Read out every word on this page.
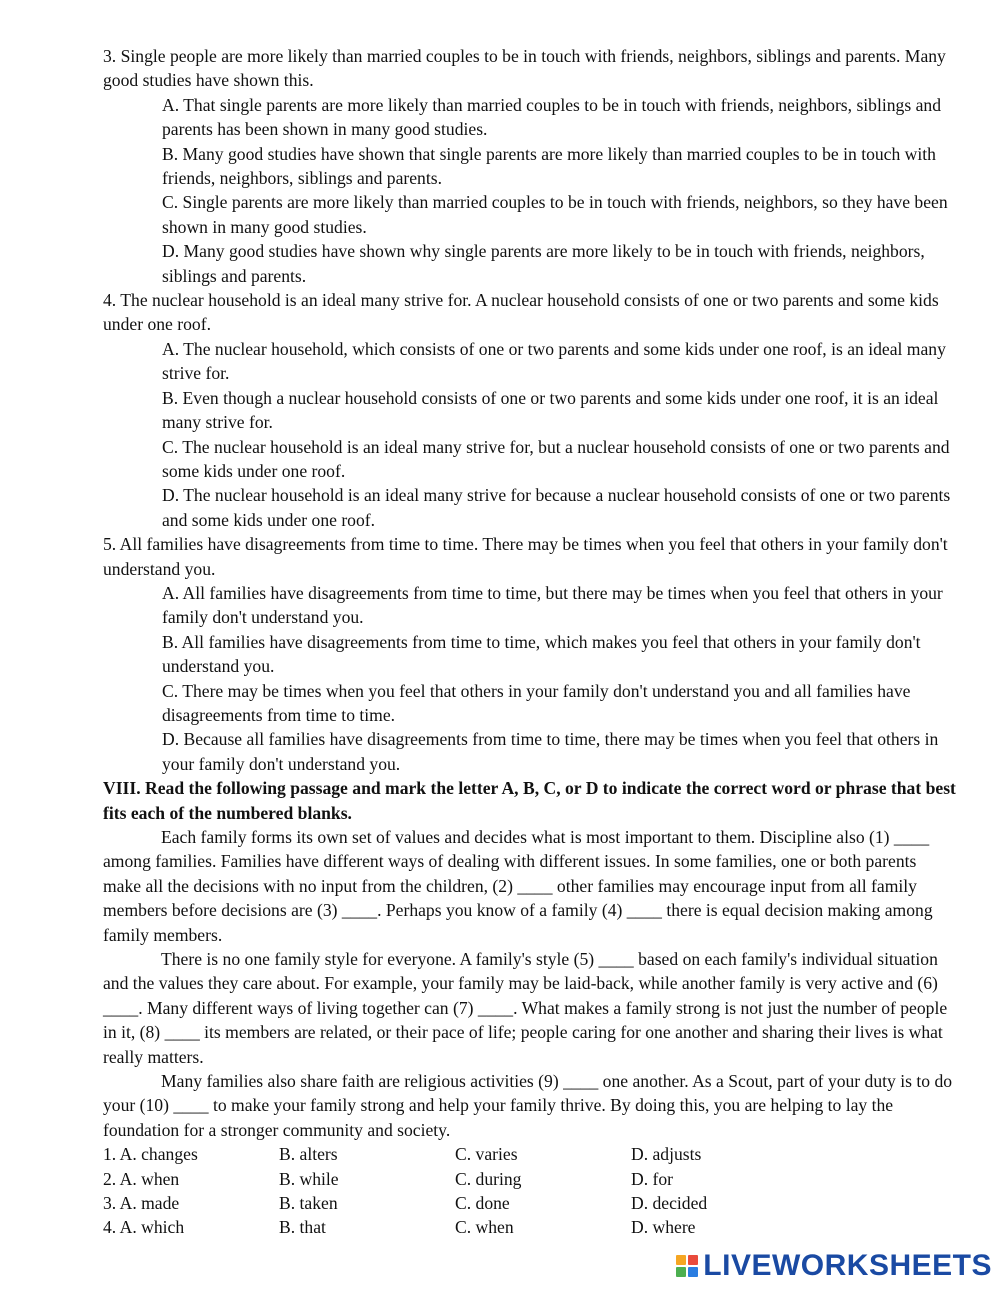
3. Single people are more likely than married couples to be in touch with friends, neighbors, siblings and parents. Many good studies have shown this.

A. That single parents are more likely than married couples to be in touch with friends, neighbors, siblings and parents has been shown in many good studies.

B. Many good studies have shown that single parents are more likely than married couples to be in touch with friends, neighbors, siblings and parents.

C. Single parents are more likely than married couples to be in touch with friends, neighbors, so they have been shown in many good studies.

D. Many good studies have shown why single parents are more likely to be in touch with friends, neighbors, siblings and parents.

4. The nuclear household is an ideal many strive for. A nuclear household consists of one or two parents and some kids under one roof.

A. The nuclear household, which consists of one or two parents and some kids under one roof, is an ideal many strive for.

B. Even though a nuclear household consists of one or two parents and some kids under one roof, it is an ideal many strive for.

C. The nuclear household is an ideal many strive for, but a nuclear household consists of one or two parents and some kids under one roof.

D. The nuclear household is an ideal many strive for because a nuclear household consists of one or two parents and some kids under one roof.

5. All families have disagreements from time to time. There may be times when you feel that others in your family don't understand you.

A. All families have disagreements from time to time, but there may be times when you feel that others in your family don't understand you.

B. All families have disagreements from time to time, which makes you feel that others in your family don't understand you.

C. There may be times when you feel that others in your family don't understand you and all families have disagreements from time to time.

D. Because all families have disagreements from time to time, there may be times when you feel that others in your family don't understand you.

VIII. Read the following passage and mark the letter A, B, C, or D to indicate the correct word or phrase that best fits each of the numbered blanks.

Each family forms its own set of values and decides what is most important to them. Discipline also (1) ____ among families. Families have different ways of dealing with different issues. In some families, one or both parents make all the decisions with no input from the children, (2) ____ other families may encourage input from all family members before decisions are (3) ____. Perhaps you know of a family (4) ____ there is equal decision making among family members.

There is no one family style for everyone. A family's style (5) ____ based on each family's individual situation and the values they care about. For example, your family may be laid-back, while another family is very active and (6) ____. Many different ways of living together can (7) ____. What makes a family strong is not just the number of people in it, (8) ____ its members are related, or their pace of life; people caring for one another and sharing their lives is what really matters.

Many families also share faith are religious activities (9) ____ one another. As a Scout, part of your duty is to do your (10) ____ to make your family strong and help your family thrive. By doing this, you are helping to lay the foundation for a stronger community and society.

1. A. changes	B. alters	C. varies	D. adjusts
2. A. when	B. while	C. during	D. for
3. A. made	B. taken	C. done	D. decided
4. A. which	B. that	C. when	D. where
LIVEWORKSHEETS
